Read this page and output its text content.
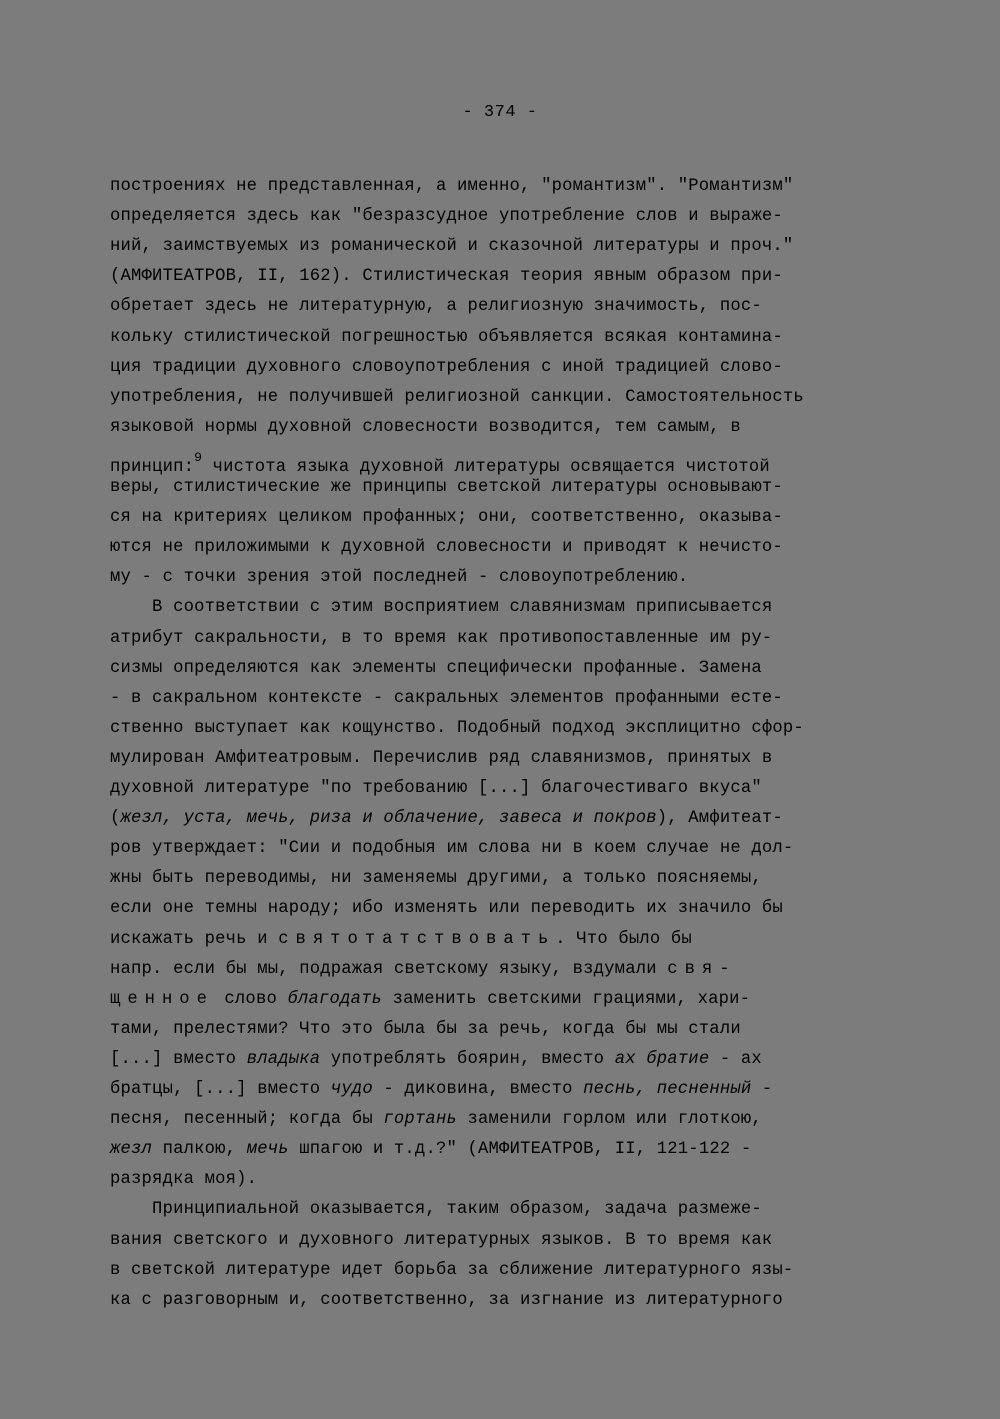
- 374 -
построениях не представленная, а именно, "романтизм". "Романтизм"
определяется здесь как "безразсудное употребление слов и выраже-
ний, заимствуемых из романической и сказочной литературы и проч."
(АМФИТЕАТРОВ, II, 162). Стилистическая теория явным образом при-
обретает здесь не литературную, а религиозную значимость, пос-
кольку стилистической погрешностью объявляется всякая контамина-
ция традиции духовного словоупотребления с иной традицией слово-
употребления, не получившей религиозной санкции. Самостоятельность
языковой нормы духовной словесности возводится, тем самым, в
принцип:$^9$ чистота языка духовной литературы освящается чистотой
веры, стилистические же принципы светской литературы основывают-
ся на критериях целиком профанных; они, соответственно, оказыва-
ются не приложимыми к духовной словесности и приводят к нечисто-
му - с точки зрения этой последней - словоупотреблению.
В соответствии с этим восприятием славянизмам приписывается
атрибут сакральности, в то время как противопоставленные им ру-
сизмы определяются как элементы специфически профанные. Замена
- в сакральном контексте - сакральных элементов профанными есте-
ственно выступает как кощунство. Подобный подход эксплицитно сфор-
мулирован Амфитеатровым. Перечислив ряд славянизмов, принятых в
духовной литературе "по требованию [...] благочестиваго вкуса"
(жезл, уста, мечь, риза и облачение, завеса и покров), Амфитеат-
ров утверждает: "Сии и подобныя им слова ни в коем случае не дол-
жны быть переводимы, ни заменяемы другими, а только поясняемы,
если оне темны народу; ибо изменять или переводить их значило бы
искажать речь и святотатствовать. Что было бы
напр. если бы мы, подражая светскому языку, вздумали свя-
щенное слово благодать заменить светскими грациями, хари-
тами, прелестями? Что это была бы за речь, когда бы мы стали
[...] вместо владыка употреблять боярин, вместо ах братие - ах
братцы, [...] вместо чудо - диковина, вместо песнь, песненный -
песня, песенный; когда бы гортань заменили горлом или глоткою,
жезл палкою, мечь шпагою и т.д.?" (АМФИТЕАТРОВ, II, 121-122 -
разрядка моя).
Принципиальной оказывается, таким образом, задача размеже-
вания светского и духовного литературных языков. В то время как
в светской литературе идет борьба за сближение литературного язы-
ка с разговорным и, соответственно, за изгнание из литературного
